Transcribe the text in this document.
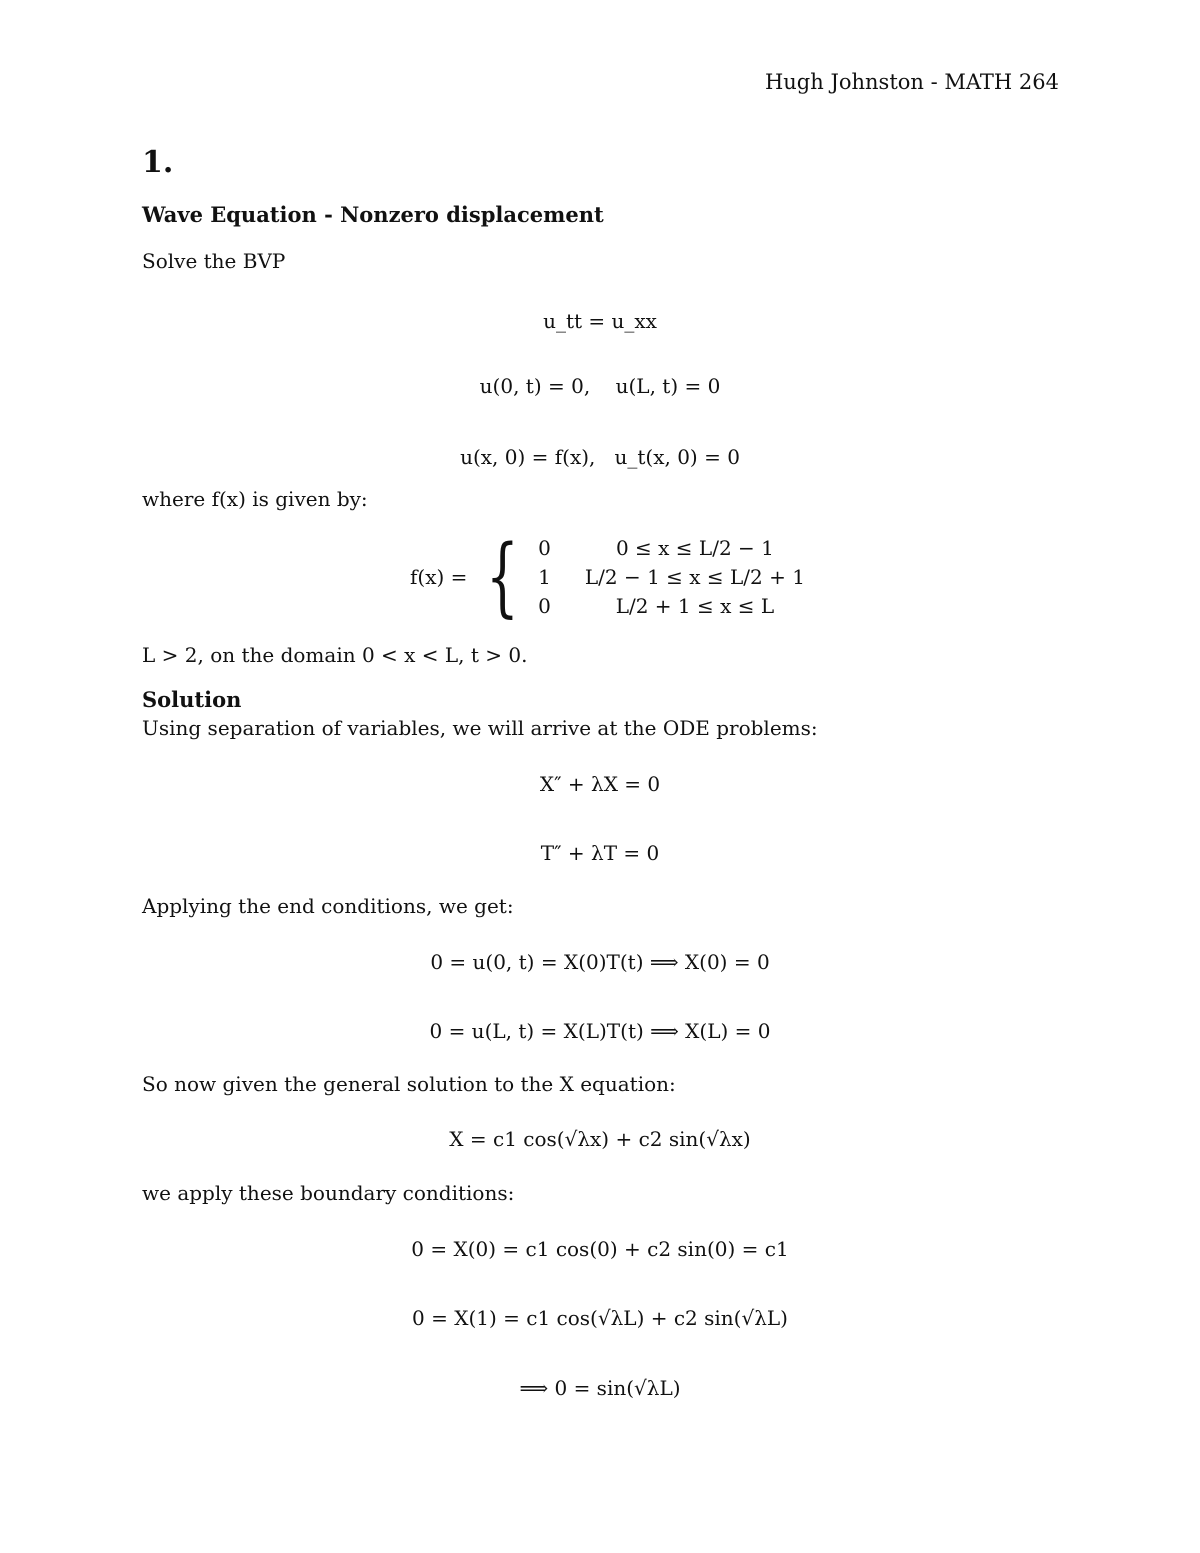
Hugh Johnston - MATH 264
1.
Wave Equation - Nonzero displacement
Solve the BVP
u_tt = u_xx
u(0, t) = 0,    u(L, t) = 0
u(x, 0) = f(x),   u_t(x, 0) = 0
where f(x) is given by:
f(x) = { 0	0 ≤ x ≤ L/2 − 1
1	L/2 − 1 ≤ x ≤ L/2 + 1
0	L/2 + 1 ≤ x ≤ L
L > 2, on the domain 0 < x < L, t > 0.
Solution
Using separation of variables, we will arrive at the ODE problems:
X″ + λX = 0
T″ + λT = 0
Applying the end conditions, we get:
0 = u(0, t) = X(0)T(t) ⟹ X(0) = 0
0 = u(L, t) = X(L)T(t) ⟹ X(L) = 0
So now given the general solution to the X equation:
X = c1 cos(√λx) + c2 sin(√λx)
we apply these boundary conditions:
0 = X(0) = c1 cos(0) + c2 sin(0) = c1
0 = X(1) = c1 cos(√λL) + c2 sin(√λL)
⟹ 0 = sin(√λL)
